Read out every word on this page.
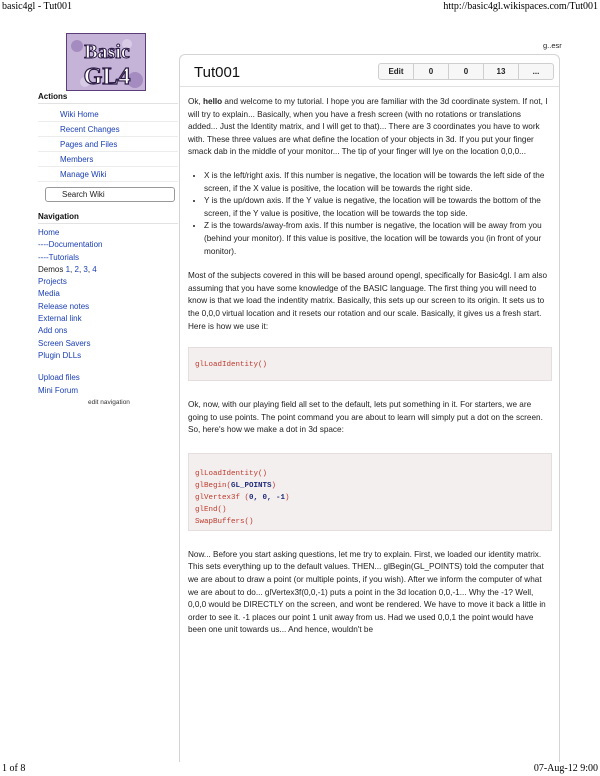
basic4gl - Tut001	http://basic4gl.wikispaces.com/Tut001
1 of 8	07-Aug-12 9:00
Basic
GL4
g..esr
Actions
Wiki Home
Recent Changes
Pages and Files
Members
Manage Wiki
Search Wiki
Navigation
Home
----Documentation
----Tutorials
Demos 1, 2, 3, 4
Projects
Media
Release notes
External link
Add ons
Screen Savers
Plugin DLLs
Upload files
Mini Forum
edit navigation
Tut001	Edit	0	0	13	...

Ok, hello and welcome to my tutorial. I hope you are familiar with the 3d coordinate system. If not, I will try to explain... Basically, when you have a fresh screen (with no rotations or translations added... Just the Identity matrix, and I will get to that)... There are 3 coordinates you have to work with. These three values are what define the location of your objects in 3d. If you put your finger smack dab in the middle of your monitor... The tip of your finger will lye on the location 0,0,0...

• X is the left/right axis. If this number is negative, the location will be towards the left side of the screen, if the X value is positive, the location will be towards the right side.
• Y is the up/down axis. If the Y value is negative, the location will be towards the bottom of the screen, if the Y value is positive, the location will be towards the top side.
• Z is the towards/away-from axis. If this number is negative, the location will be away from you (behind your monitor). If this value is positive, the location will be towards you (in front of your monitor).

Most of the subjects covered in this will be based around opengl, specifically for Basic4gl. I am also assuming that you have some knowledge of the BASIC language. The first thing you will need to know is that we load the indentity matrix. Basically, this sets up our screen to its origin. It sets us to the 0,0,0 virtual location and it resets our rotation and our scale. Basically, it gives us a fresh start. Here is how we use it:

glLoadIdentity()

Ok, now, with our playing field all set to the default, lets put something in it. For starters, we are going to use points. The point command you are about to learn will simply put a dot on the screen. So, here's how we make a dot in 3d space:

glLoadIdentity()
glBegin(GL_POINTS)
glVertex3f (0, 0, -1)
glEnd()
SwapBuffers()

Now... Before you start asking questions, let me try to explain. First, we loaded our identity matrix. This sets everything up to the default values. THEN... glBegin(GL_POINTS) told the computer that we are about to draw a point (or multiple points, if you wish). After we inform the computer of what we are about to do... glVertex3f(0,0,-1) puts a point in the 3d location 0,0,-1... Why the -1? Well, 0,0,0 would be DIRECTLY on the screen, and wont be rendered. We have to move it back a little in order to see it. -1 places our point 1 unit away from us. Had we used 0,0,1 the point would have been one unit towards us... And hence, wouldn't be
